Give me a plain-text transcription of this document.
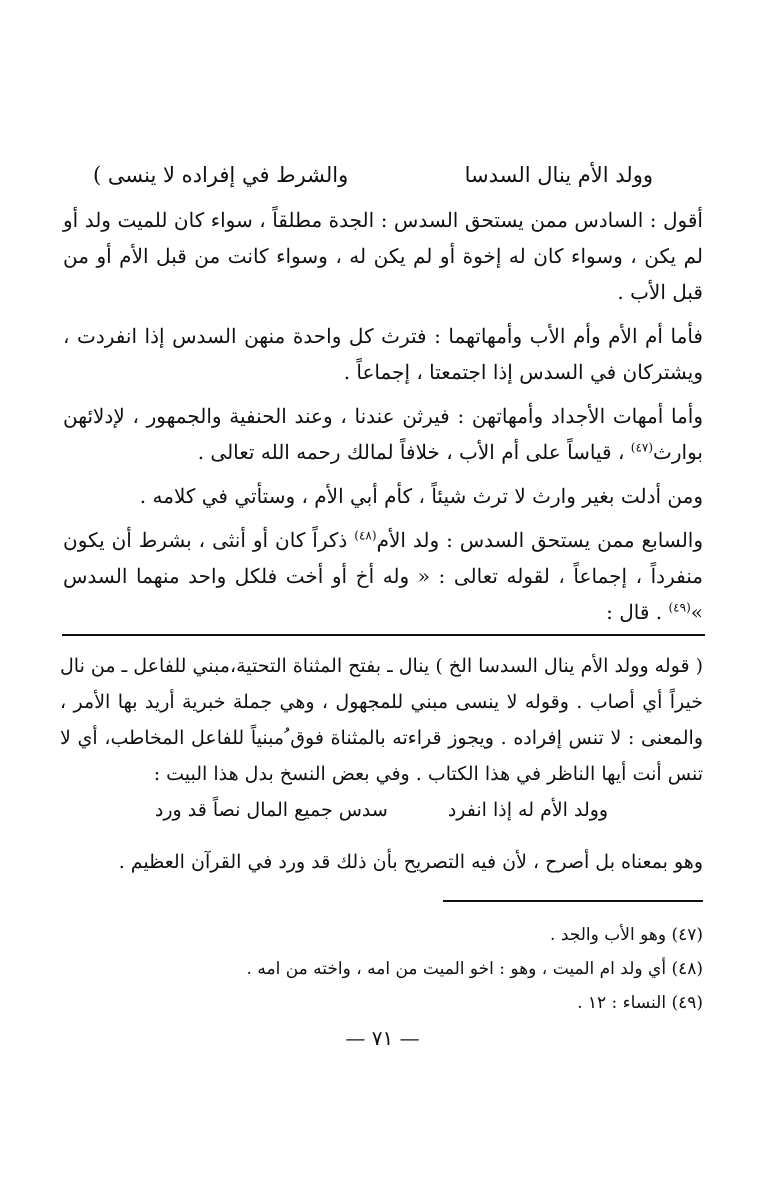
وولد الأم ينال السدسا
والشرط في إفراده لا ينسى )

أقول : السادس ممن يستحق السدس : الجدة مطلقاً ، سواء كان للميت ولد أو لم يكن ، وسواء كان له إخوة أو لم يكن له ، وسواء كانت من قبل الأم أو من قبل الأب .

فأما أم الأم وأم الأب وأمهاتهما : فترث كل واحدة منهن السدس إذا انفردت ، ويشتركان في السدس إذا اجتمعتا ، إجماعاً .

وأما أمهات الأجداد وأمهاتهن : فيرثن عندنا ، وعند الحنفية والجمهور ، لإدلائهن بوارث$^{(٤٧)}$ ، قياساً على أم الأب ، خلافاً لمالك رحمه الله تعالى .

ومن أدلت بغير وارث لا ترث شيئاً ، كأم أبي الأم ، وستأتي في كلامه .

والسابع ممن يستحق السدس : ولد الأم$^{(٤٨)}$ ذكراً كان أو أنثى ، بشرط أن يكون منفرداً ، إجماعاً ، لقوله تعالى : « وله أخ أو أخت فلكل واحد منهما السدس »$^{(٤٩)}$ . قال :

( قوله وولد الأم ينال السدسا الخ ) ينال ـ بفتح المثناة التحتية،مبني للفاعل ـ من نال خيراً أي أصاب . وقوله لا ينسى مبني للمجهول ، وهي جملة خبرية أريد بها الأمر ، والمعنى : لا تنس إفراده . ويجوز قراءته بالمثناة فوق ُمبنياً للفاعل المخاطب، أي لا تنس أنت أيها الناظر في هذا الكتاب . وفي بعض النسخ بدل هذا البيت :

وولد الأم له إذا انفرد
سدس جميع المال نصاً قد ورد

وهو بمعناه بل أصرح ، لأن فيه التصريح بأن ذلك قد ورد في القرآن العظيم .

(٤٧) وهو الأب والجد .

(٤٨) أي ولد ام الميت ، وهو : اخو الميت من امه ، واخته من امه .

(٤٩) النساء : ١٢ .

— ٧١ —
